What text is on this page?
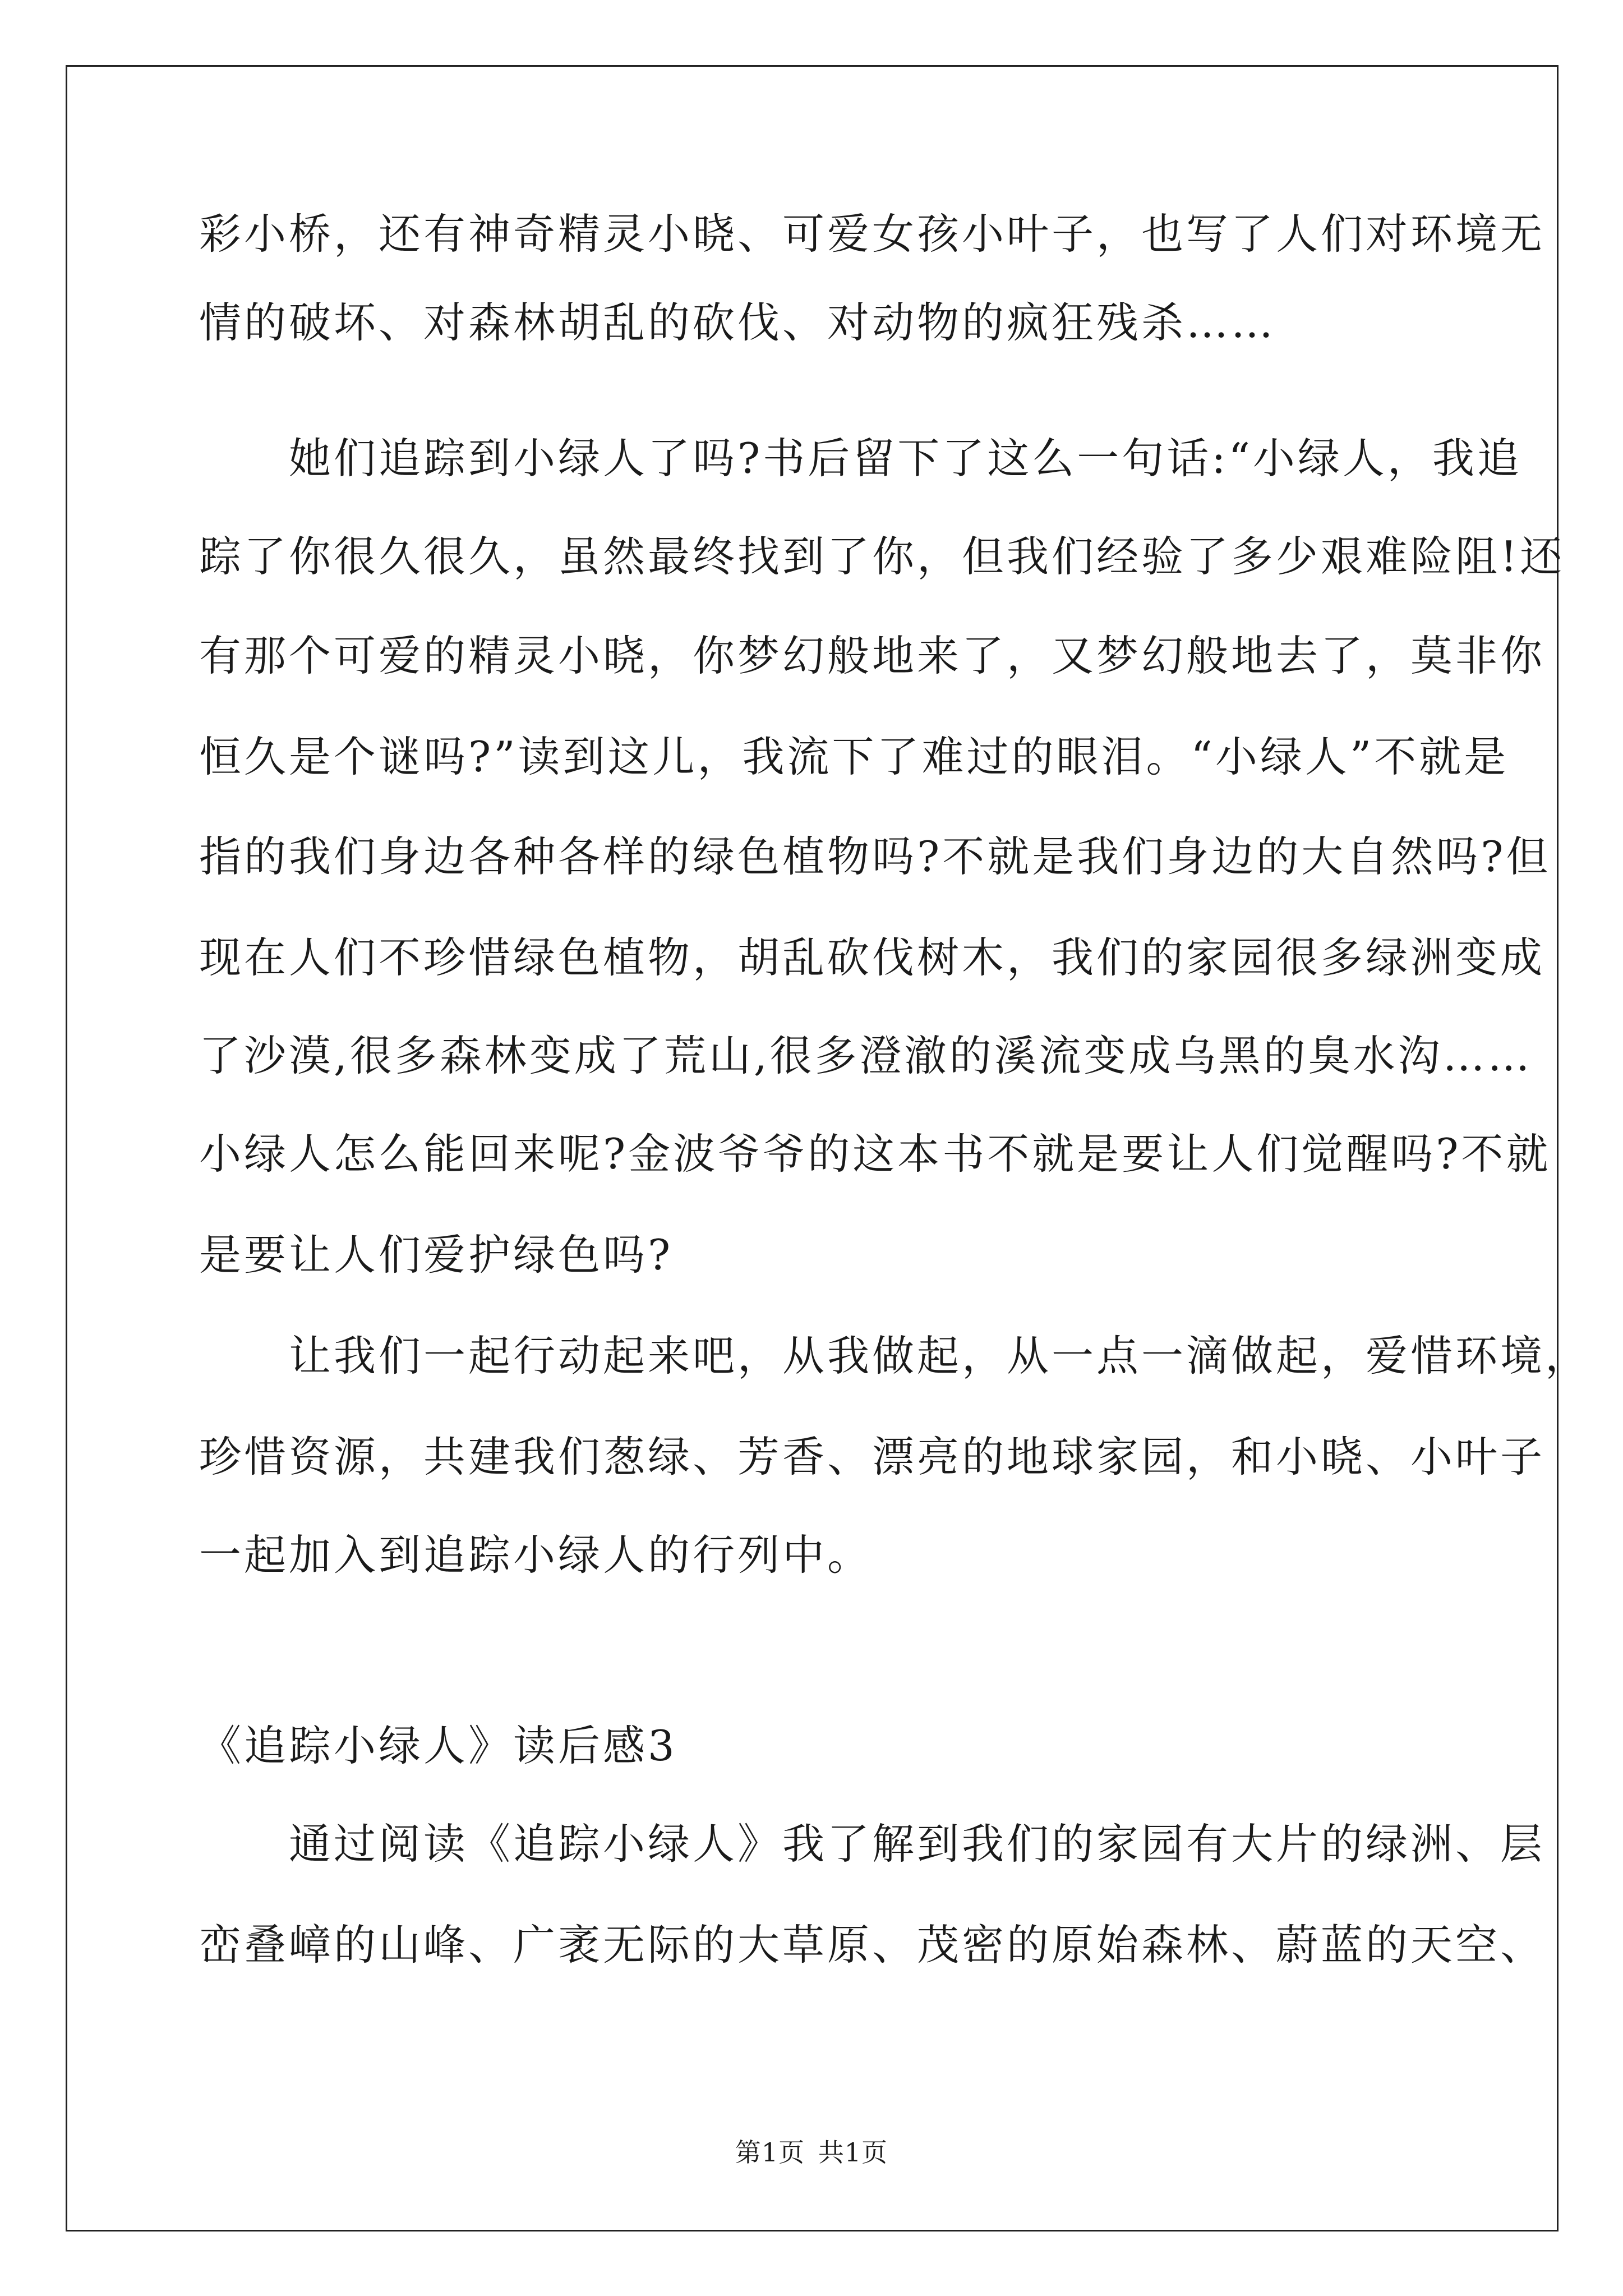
彩小桥，还有神奇精灵小晓、可爱女孩小叶子，也写了人们对环境无
情的破坏、对森林胡乱的砍伐、对动物的疯狂残杀……
　　她们追踪到小绿人了吗?书后留下了这么一句话:“小绿人，我追
踪了你很久很久，虽然最终找到了你，但我们经验了多少艰难险阻!还
有那个可爱的精灵小晓，你梦幻般地来了，又梦幻般地去了，莫非你
恒久是个谜吗?”读到这儿，我流下了难过的眼泪。“小绿人”不就是
指的我们身边各种各样的绿色植物吗?不就是我们身边的大自然吗?但
现在人们不珍惜绿色植物，胡乱砍伐树木，我们的家园很多绿洲变成
了沙漠,很多森林变成了荒山,很多澄澈的溪流变成乌黑的臭水沟……
小绿人怎么能回来呢?金波爷爷的这本书不就是要让人们觉醒吗?不就
是要让人们爱护绿色吗?
　　让我们一起行动起来吧，从我做起，从一点一滴做起，爱惜环境，
珍惜资源，共建我们葱绿、芳香、漂亮的地球家园，和小晓、小叶子
一起加入到追踪小绿人的行列中。
《追踪小绿人》读后感3
　　通过阅读《追踪小绿人》我了解到我们的家园有大片的绿洲、层
峦叠嶂的山峰、广袤无际的大草原、茂密的原始森林、蔚蓝的天空、
第1页 共1页
